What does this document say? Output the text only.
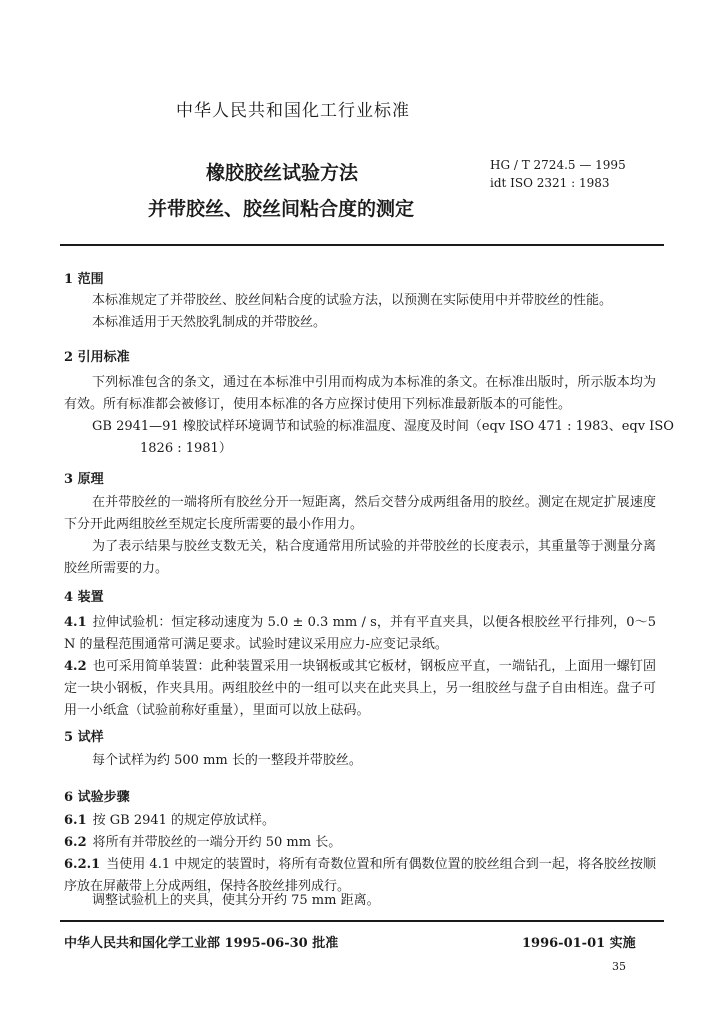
中华人民共和国化工行业标准
橡胶胶丝试验方法
并带胶丝、胶丝间粘合度的测定
HG / T 2724.5 — 1995
idt ISO 2321 : 1983
1 范围
本标准规定了并带胶丝、胶丝间粘合度的试验方法，以预测在实际使用中并带胶丝的性能。
本标准适用于天然胶乳制成的并带胶丝。
2 引用标准
下列标准包含的条文，通过在本标准中引用而构成为本标准的条文。在标准出版时，所示版本均为有效。所有标准都会被修订，使用本标准的各方应探讨使用下列标准最新版本的可能性。
GB 2941—91 橡胶试样环境调节和试验的标准温度、湿度及时间（eqv ISO 471 : 1983、eqv ISO 1826 : 1981）
3 原理
在并带胶丝的一端将所有胶丝分开一短距离，然后交替分成两组备用的胶丝。测定在规定扩展速度下分开此两组胶丝至规定长度所需要的最小作用力。
为了表示结果与胶丝支数无关，粘合度通常用所试验的并带胶丝的长度表示，其重量等于测量分离胶丝所需要的力。
4 装置
4.1 拉伸试验机：恒定移动速度为 5.0 ± 0.3 mm / s，并有平直夹具，以便各根胶丝平行排列，0～5 N 的量程范围通常可满足要求。试验时建议采用应力-应变记录纸。
4.2 也可采用简单装置：此种装置采用一块钢板或其它板材，钢板应平直，一端钻孔，上面用一螺钉固定一块小钢板，作夹具用。两组胶丝中的一组可以夹在此夹具上，另一组胶丝与盘子自由相连。盘子可用一小纸盒（试验前称好重量），里面可以放上砝码。
5 试样
每个试样为约 500 mm 长的一整段并带胶丝。
6 试验步骤
6.1 按 GB 2941 的规定停放试样。
6.2 将所有并带胶丝的一端分开约 50 mm 长。
6.2.1 当使用 4.1 中规定的装置时，将所有奇数位置和所有偶数位置的胶丝组合到一起，将各胶丝按顺序放在屏蔽带上分成两组，保持各胶丝排列成行。
调整试验机上的夹具，使其分开约 75 mm 距离。
中华人民共和国化学工业部 1995-06-30 批准	1996-01-01 实施
35
